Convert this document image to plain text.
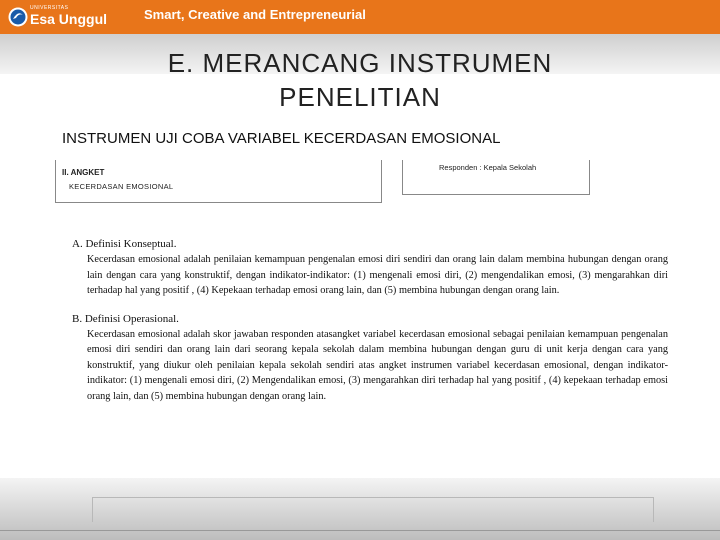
UNIVERSITAS
Esa Unggul	Smart, Creative and Entrepreneurial
E. MERANCANG INSTRUMEN PENELITIAN
INSTRUMEN UJI COBA VARIABEL KECERDASAN EMOSIONAL
II. ANGKET
KECERDASAN EMOSIONAL
Responden : Kepala Sekolah
A. Definisi Konseptual.
Kecerdasan emosional adalah penilaian kemampuan pengenalan emosi diri sendiri dan orang lain dalam membina hubungan dengan orang lain dengan cara yang konstruktif, dengan indikator-indikator: (1) mengenali emosi diri, (2) mengendalikan emosi, (3) mengarahkan diri terhadap hal yang positif , (4) Kepekaan terhadap emosi orang lain, dan (5) membina hubungan dengan orang lain.
B. Definisi Operasional.
Kecerdasan emosional adalah skor jawaban responden atasangket variabel kecerdasan emosional sebagai penilaian kemampuan pengenalan emosi diri sendiri dan orang lain dari seorang kepala sekolah dalam membina hubungan dengan guru di unit kerja dengan cara yang konstruktif, yang diukur oleh penilaian kepala sekolah sendiri atas angket instrumen variabel kecerdasan emosional, dengan indikator-indikator: (1) mengenali emosi diri, (2) Mengendalikan emosi, (3) mengarahkan diri terhadap hal yang positif , (4) kepekaan terhadap emosi orang lain, dan (5) membina hubungan dengan orang lain.
